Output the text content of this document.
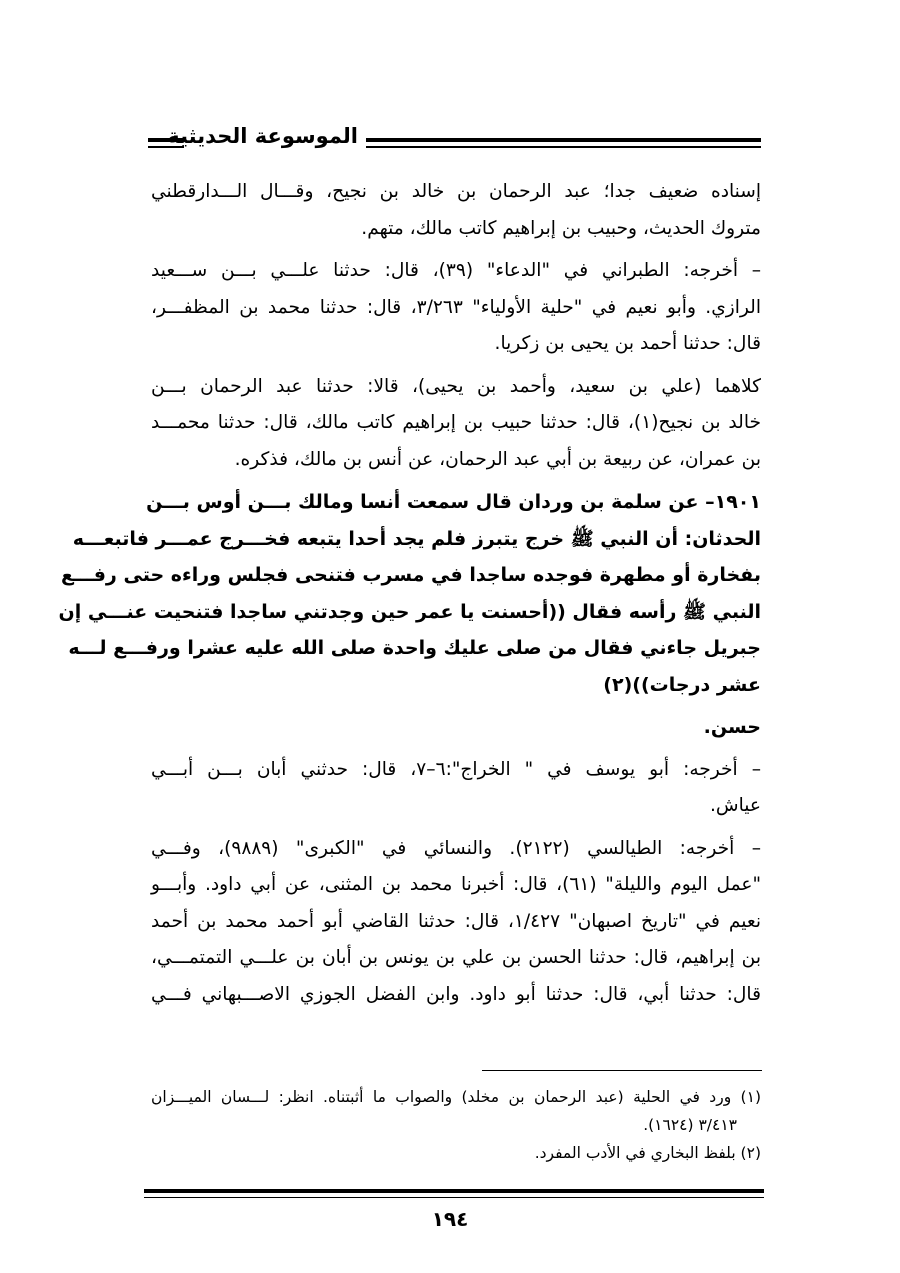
الموسوعة الحديثية
إسناده ضعيف جدا؛ عبد الرحمان بن خالد بن نجيح، وقـــال الـــدارقطني
متروك الحديث، وحبيب بن إبراهيم كاتب مالك، متهم.
– أخرجه: الطبراني في "الدعاء" (٣٩)، قال: حدثنا علـــي بـــن ســـعيد
الرازي. وأبو نعيم في "حلية الأولياء" ٣/٢٦٣، قال: حدثنا محمد بن المظفـــر،
قال: حدثنا أحمد بن يحيى بن زكريا.
كلاهما (علي بن سعيد، وأحمد بن يحيى)، قالا: حدثنا عبد الرحمان بـــن
خالد بن نجيح(١)، قال: حدثنا حبيب بن إبراهيم كاتب مالك، قال: حدثنا محمـــد
بن عمران، عن ربيعة بن أبي عبد الرحمان، عن أنس بن مالك، فذكره.
١٩٠١– عن سلمة بن وردان قال سمعت أنسا ومالك بـــن أوس بـــن
الحدثان: أن النبي ﷺ خرج يتبرز فلم يجد أحدا يتبعه فخـــرج عمـــر فاتبعـــه
بفخارة أو مطهرة فوجده ساجدا في مسرب فتنحى فجلس وراءه حتى رفـــع
النبي ﷺ رأسه فقال ((أحسنت يا عمر حين وجدتني ساجدا فتنحيت عنـــي إن
جبريل جاءني فقال من صلى عليك واحدة صلى الله عليه عشرا ورفـــع لـــه
عشر درجات))(٢)
حسن.
– أخرجه: أبو يوسف في " الخراج":٦–٧، قال: حدثني أبان بـــن أبـــي
عياش.
– أخرجه: الطيالسي (٢١٢٢). والنسائي في "الكبرى" (٩٨٨٩)، وفـــي
"عمل اليوم والليلة" (٦١)، قال: أخبرنا محمد بن المثنى، عن أبي داود. وأبـــو
نعيم في "تاريخ اصبهان" ١/٤٢٧، قال: حدثنا القاضي أبو أحمد محمد بن أحمد
بن إبراهيم، قال: حدثنا الحسن بن علي بن يونس بن أبان بن علـــي التمتمـــي،
قال: حدثنا أبي، قال: حدثنا أبو داود. وابن الفضل الجوزي الاصـــبهاني فـــي
(١) ورد في الحلية (عبد الرحمان بن مخلد) والصواب ما أثبتناه. انظر: لـــسان الميـــزان
٣/٤١٣ (١٦٢٤).
(٢) بلفظ البخاري في الأدب المفرد.
١٩٤
